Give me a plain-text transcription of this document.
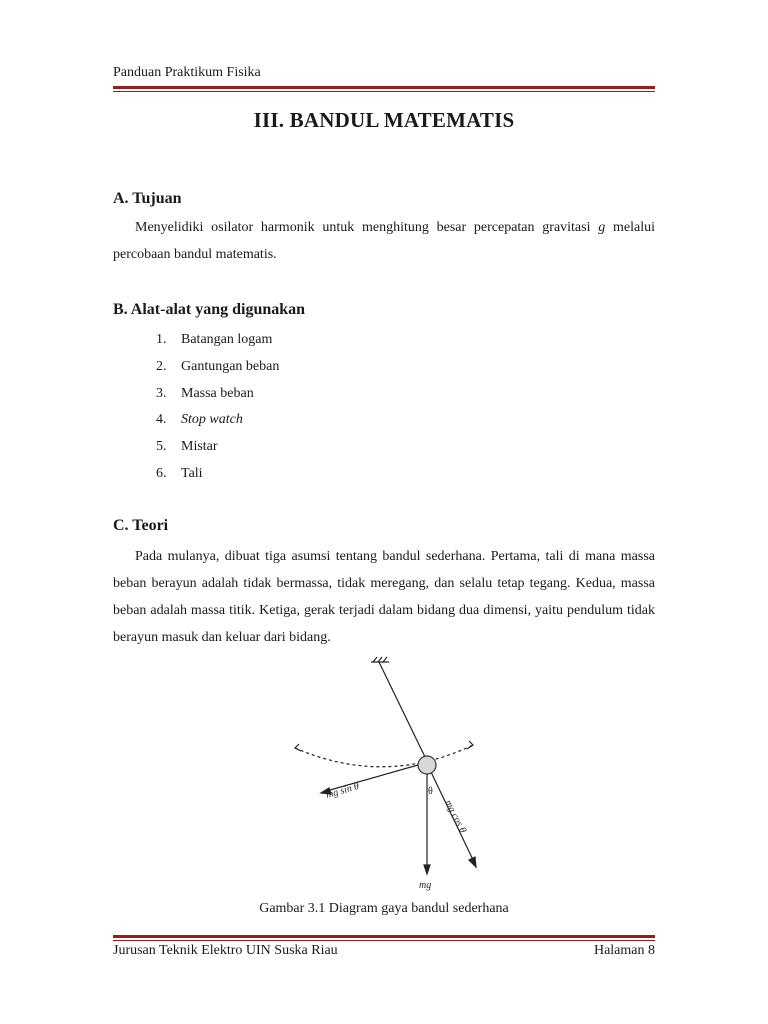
Panduan Praktikum Fisika
III. BANDUL MATEMATIS
A. Tujuan
Menyelidiki osilator harmonik untuk menghitung besar percepatan gravitasi g melalui percobaan bandul matematis.
B. Alat-alat yang digunakan
1. Batangan logam
2. Gantungan beban
3. Massa beban
4. Stop watch
5. Mistar
6. Tali
C. Teori
Pada mulanya, dibuat tiga asumsi tentang bandul sederhana. Pertama, tali di mana massa beban berayun adalah tidak bermassa, tidak meregang, dan selalu tetap tegang. Kedua, massa beban adalah massa titik. Ketiga, gerak terjadi dalam bidang dua dimensi, yaitu pendulum tidak berayun masuk dan keluar dari bidang.
mg sin θ	θ
mg cos θ
mg
Gambar 3.1 Diagram gaya bandul sederhana
Jurusan Teknik Elektro UIN Suska Riau	Halaman 8
